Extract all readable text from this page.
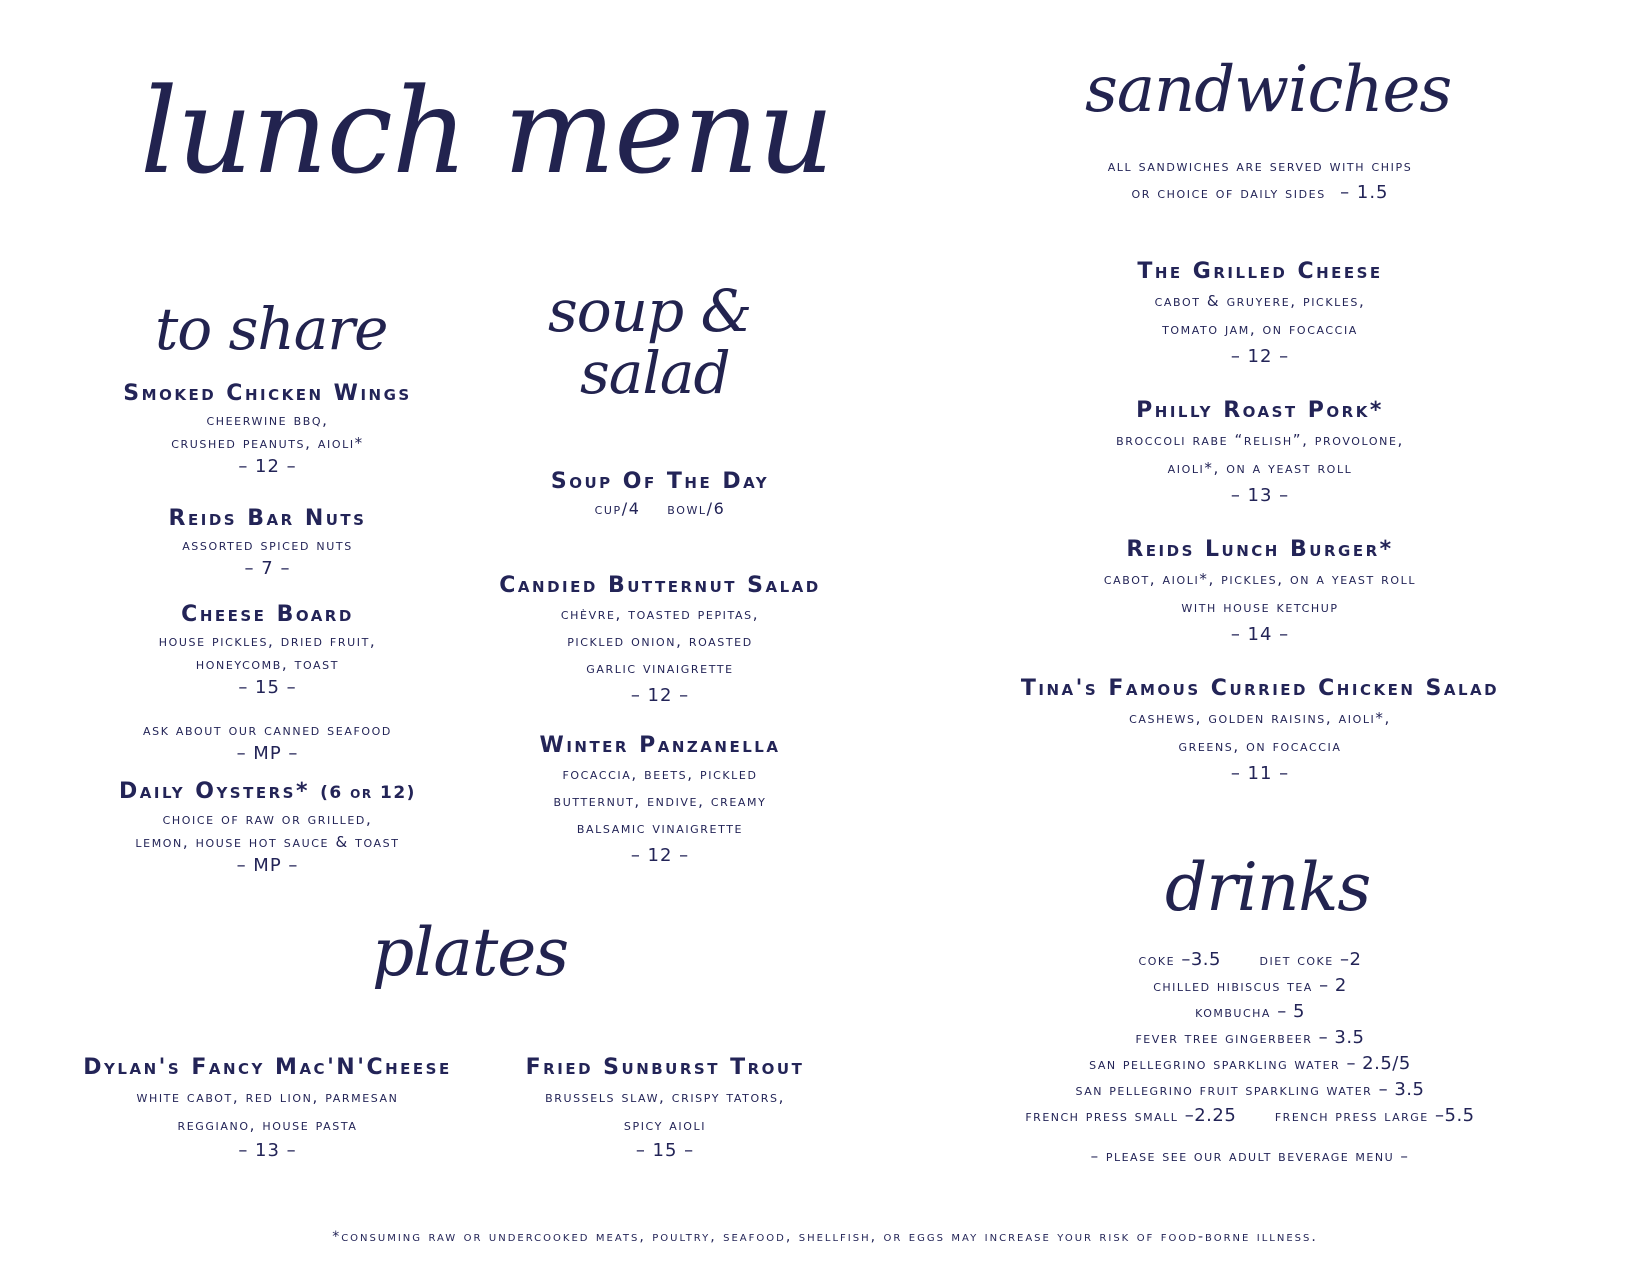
lunch menu	sandwiches
to share	soup &
salad
plates
drinks
all sandwiches are served with chips
or choice of daily sides – 1.5
Smoked Chicken Wings
cheerwine bbq,
crushed peanuts, aioli*
– 12 –
Reids Bar Nuts
assorted spiced nuts
– 7 –
Cheese Board
house pickles, dried fruit,
honeycomb, toast
– 15 –
ask about our canned seafood
– MP –
Daily Oysters* (6 or 12)
choice of raw or grilled,
lemon, house hot sauce & toast
– MP –
Soup Of The Day
cup/4    bowl/6
Candied Butternut Salad
chèvre, toasted pepitas,
pickled onion, roasted
garlic vinaigrette
– 12 –
Winter Panzanella
focaccia, beets, pickled
butternut, endive, creamy
balsamic vinaigrette
– 12 –
Dylan's Fancy Mac'N'Cheese
white cabot, red lion, parmesan
reggiano, house pasta
– 13 –
Fried Sunburst Trout
brussels slaw, crispy tators,
spicy aioli
– 15 –
The Grilled Cheese
cabot & gruyere, pickles,
tomato jam, on focaccia
– 12 –
Philly Roast Pork*
broccoli rabe “relish”, provolone,
aioli*, on a yeast roll
– 13 –
Reids Lunch Burger*
cabot, aioli*, pickles, on a yeast roll
with house ketchup
– 14 –
Tina's Famous Curried Chicken Salad
cashews, golden raisins, aioli*,
greens, on focaccia
– 11 –
coke –3.5	diet coke –2
chilled hibiscus tea – 2
kombucha – 5
fever tree gingerbeer – 3.5
san pellegrino sparkling water – 2.5/5
san pellegrino fruit sparkling water – 3.5
french press small –2.25	french press large –5.5
– please see our adult beverage menu –
*consuming raw or undercooked meats, poultry, seafood, shellfish, or eggs may increase your risk of food-borne illness.
